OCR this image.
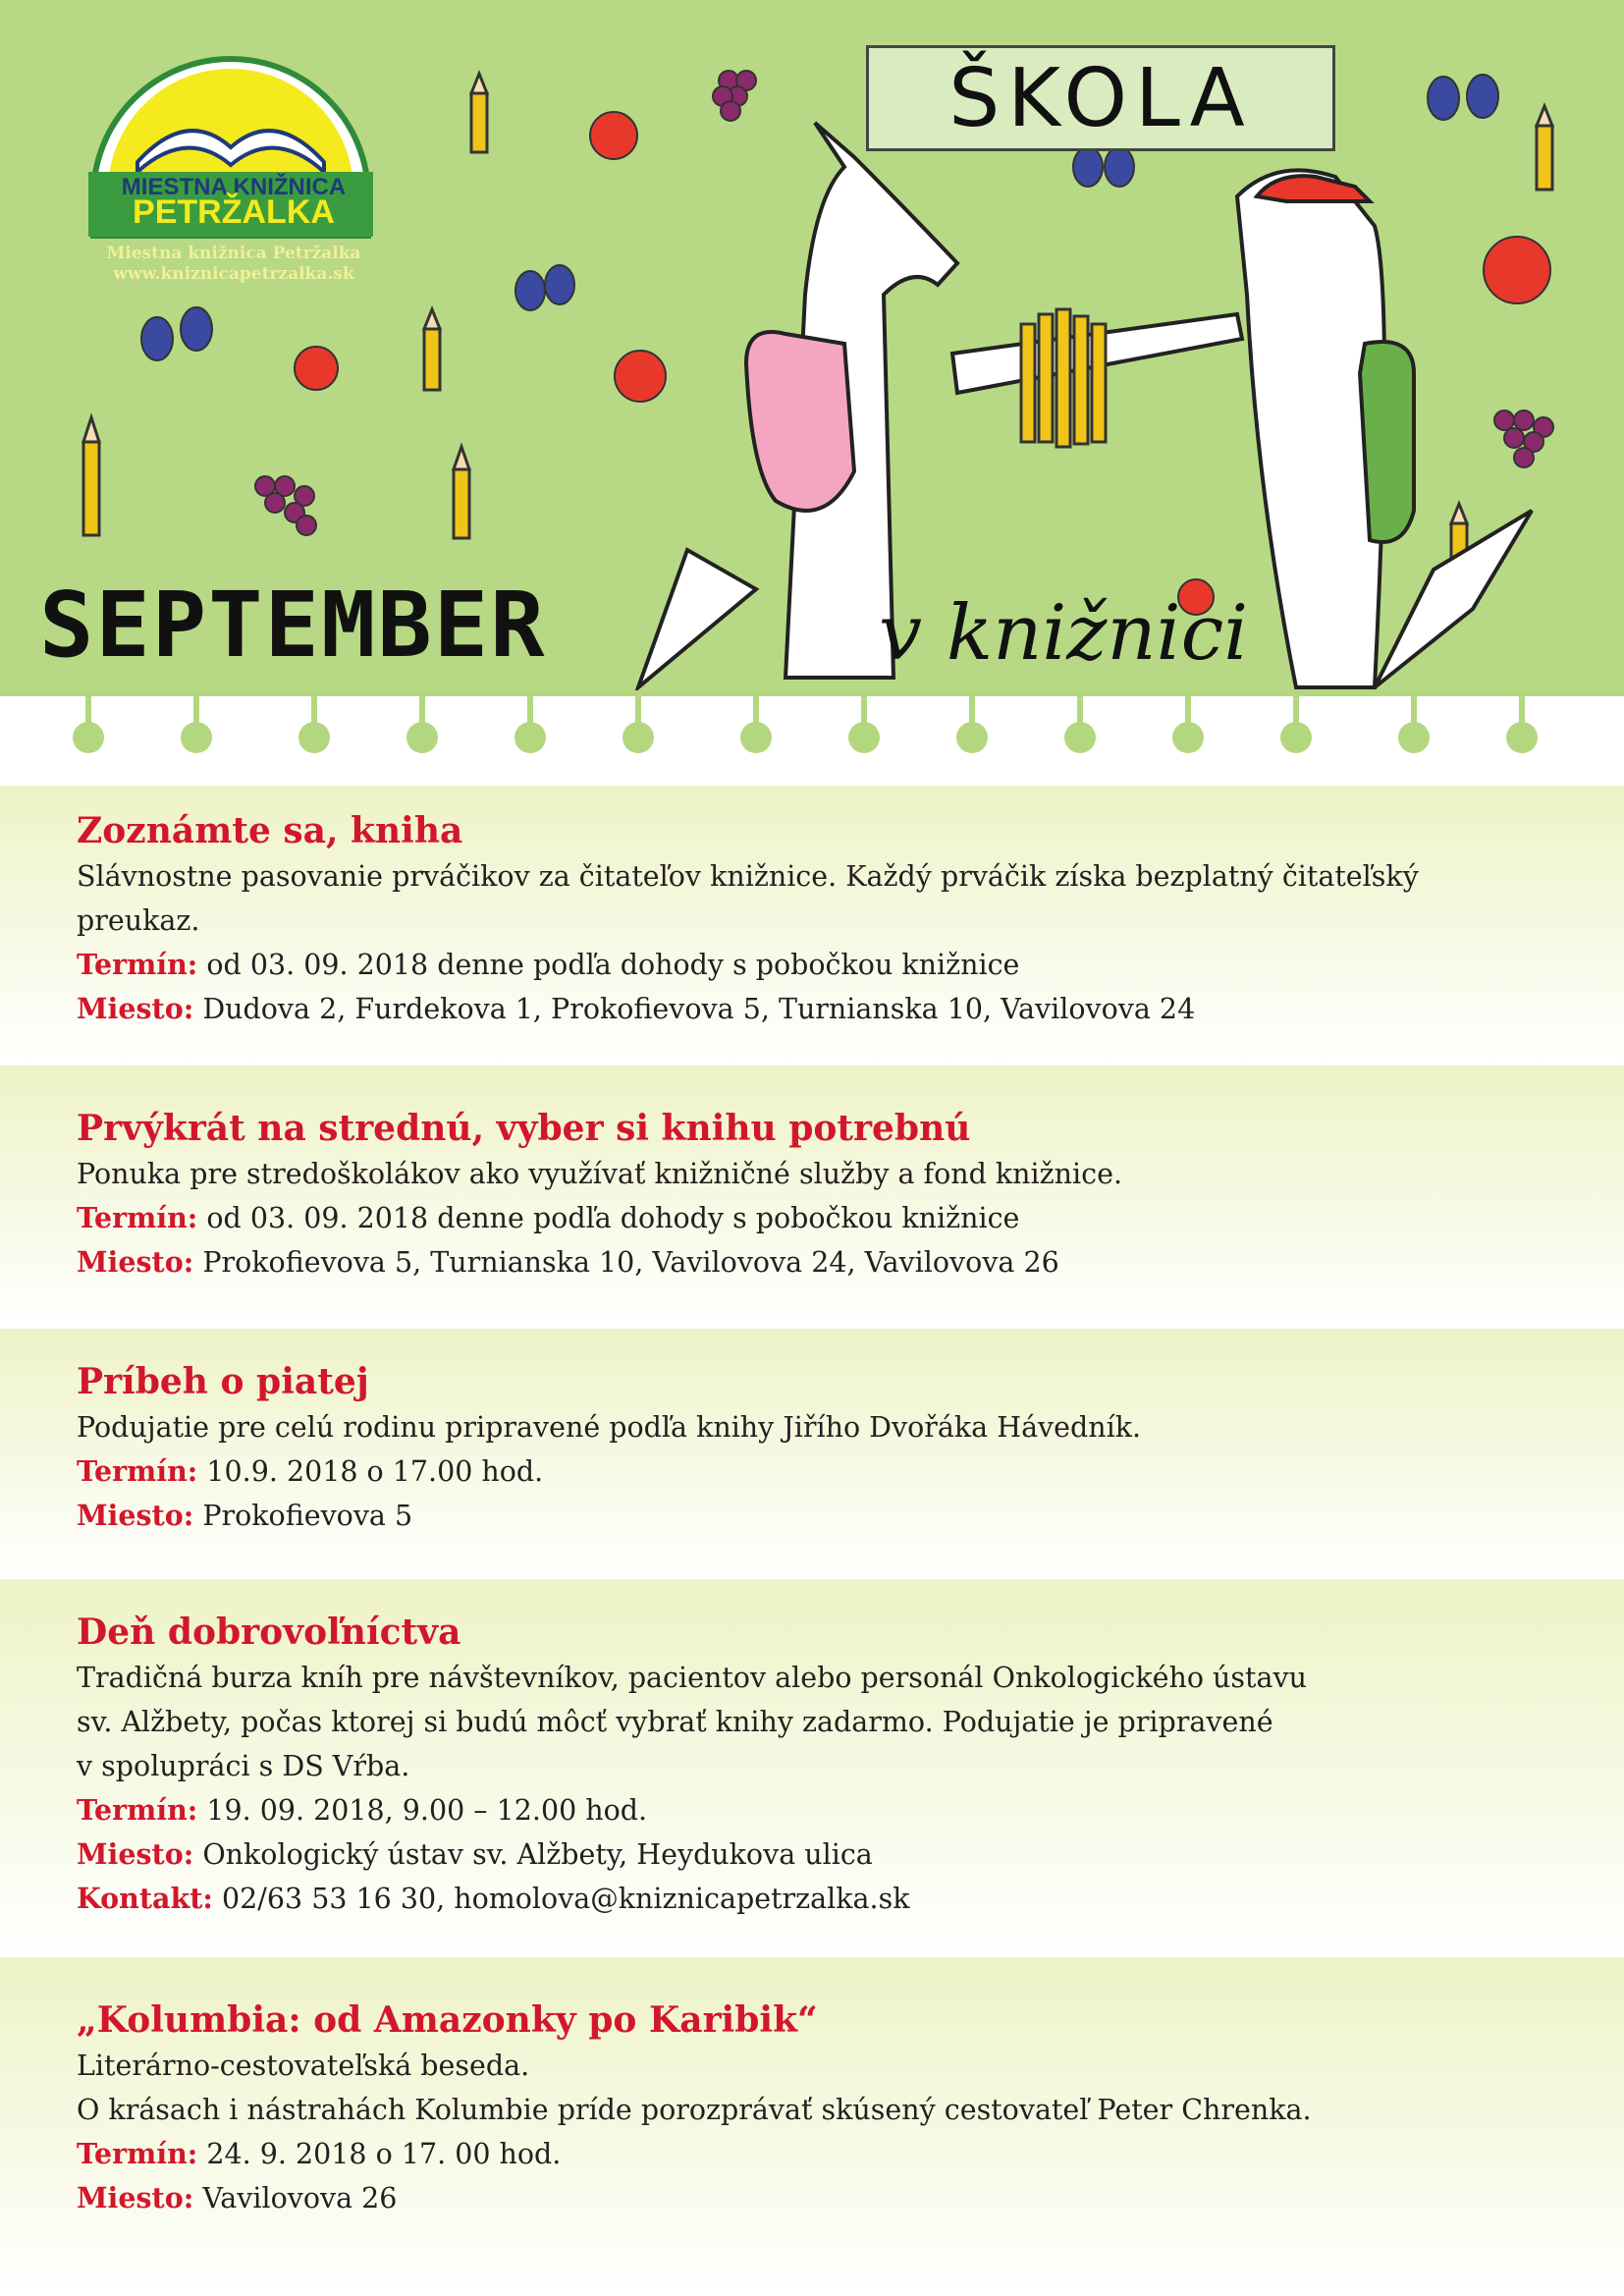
MIESTNA KNIŽNICA
PETRŽALKA
Miestna knižnica Petržalka
www.kniznicapetrzalka.sk
ŠKOLA
SEPTEMBER	v knižnici
Zoznámte sa, kniha

Slávnostne pasovanie prváčikov za čitateľov knižnice. Každý prváčik získa bezplatný čitateľský

preukaz.

Termín: od 03. 09. 2018 denne podľa dohody s pobočkou knižnice

Miesto: Dudova 2, Furdekova 1, Prokofievova 5, Turnianska 10, Vavilovova 24

Prvýkrát na strednú, vyber si knihu potrebnú

Ponuka pre stredoškolákov ako využívať knižničné služby a fond knižnice.

Termín: od 03. 09. 2018 denne podľa dohody s pobočkou knižnice

Miesto: Prokofievova 5, Turnianska 10, Vavilovova 24, Vavilovova 26

Príbeh o piatej

Podujatie pre celú rodinu pripravené podľa knihy Jiřího Dvořáka Hávedník.

Termín: 10.9. 2018 o 17.00 hod.

Miesto: Prokofievova 5

Deň dobrovoľníctva

Tradičná burza kníh pre návštevníkov, pacientov alebo personál Onkologického ústavu

sv. Alžbety, počas ktorej si budú môcť vybrať knihy zadarmo. Podujatie je pripravené

v spolupráci s DS Vŕba.

Termín: 19. 09. 2018, 9.00 – 12.00 hod.

Miesto: Onkologický ústav sv. Alžbety, Heydukova ulica

Kontakt: 02/63 53 16 30, homolova@kniznicapetrzalka.sk

„Kolumbia: od Amazonky po Karibik“

Literárno-cestovateľská beseda.

O krásach i nástrahách Kolumbie príde porozprávať skúsený cestovateľ Peter Chrenka.

Termín: 24. 9. 2018 o 17. 00 hod.

Miesto: Vavilovova 26
